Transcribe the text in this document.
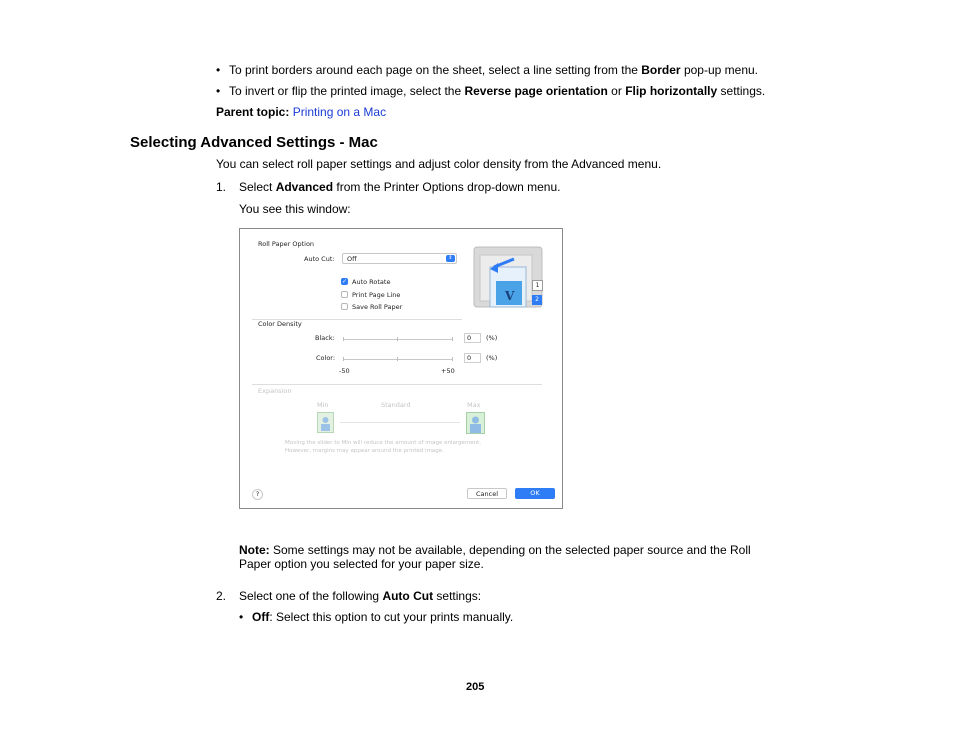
• To print borders around each page on the sheet, select a line setting from the Border pop-up menu.
• To invert or flip the printed image, select the Reverse page orientation or Flip horizontally settings.
Parent topic: Printing on a Mac
Selecting Advanced Settings - Mac
You can select roll paper settings and adjust color density from the Advanced menu.
1. Select Advanced from the Printer Options drop-down menu.
You see this window:
Roll Paper Option
Auto Cut: Off	⇕
✓ Auto Rotate
Print Page Line
Save Roll Paper
V
1
2
Color Density
Black:	0	(%)
Color:	0	(%)
-50	+50
Expansion
Min	Standard	Max
Moving the slider to Min will reduce the amount of image enlargement.
However, margins may appear around the printed image.
?	Cancel	OK
Note: Some settings may not be available, depending on the selected paper source and the Roll
Paper option you selected for your paper size.
2. Select one of the following Auto Cut settings:
• Off: Select this option to cut your prints manually.
205
